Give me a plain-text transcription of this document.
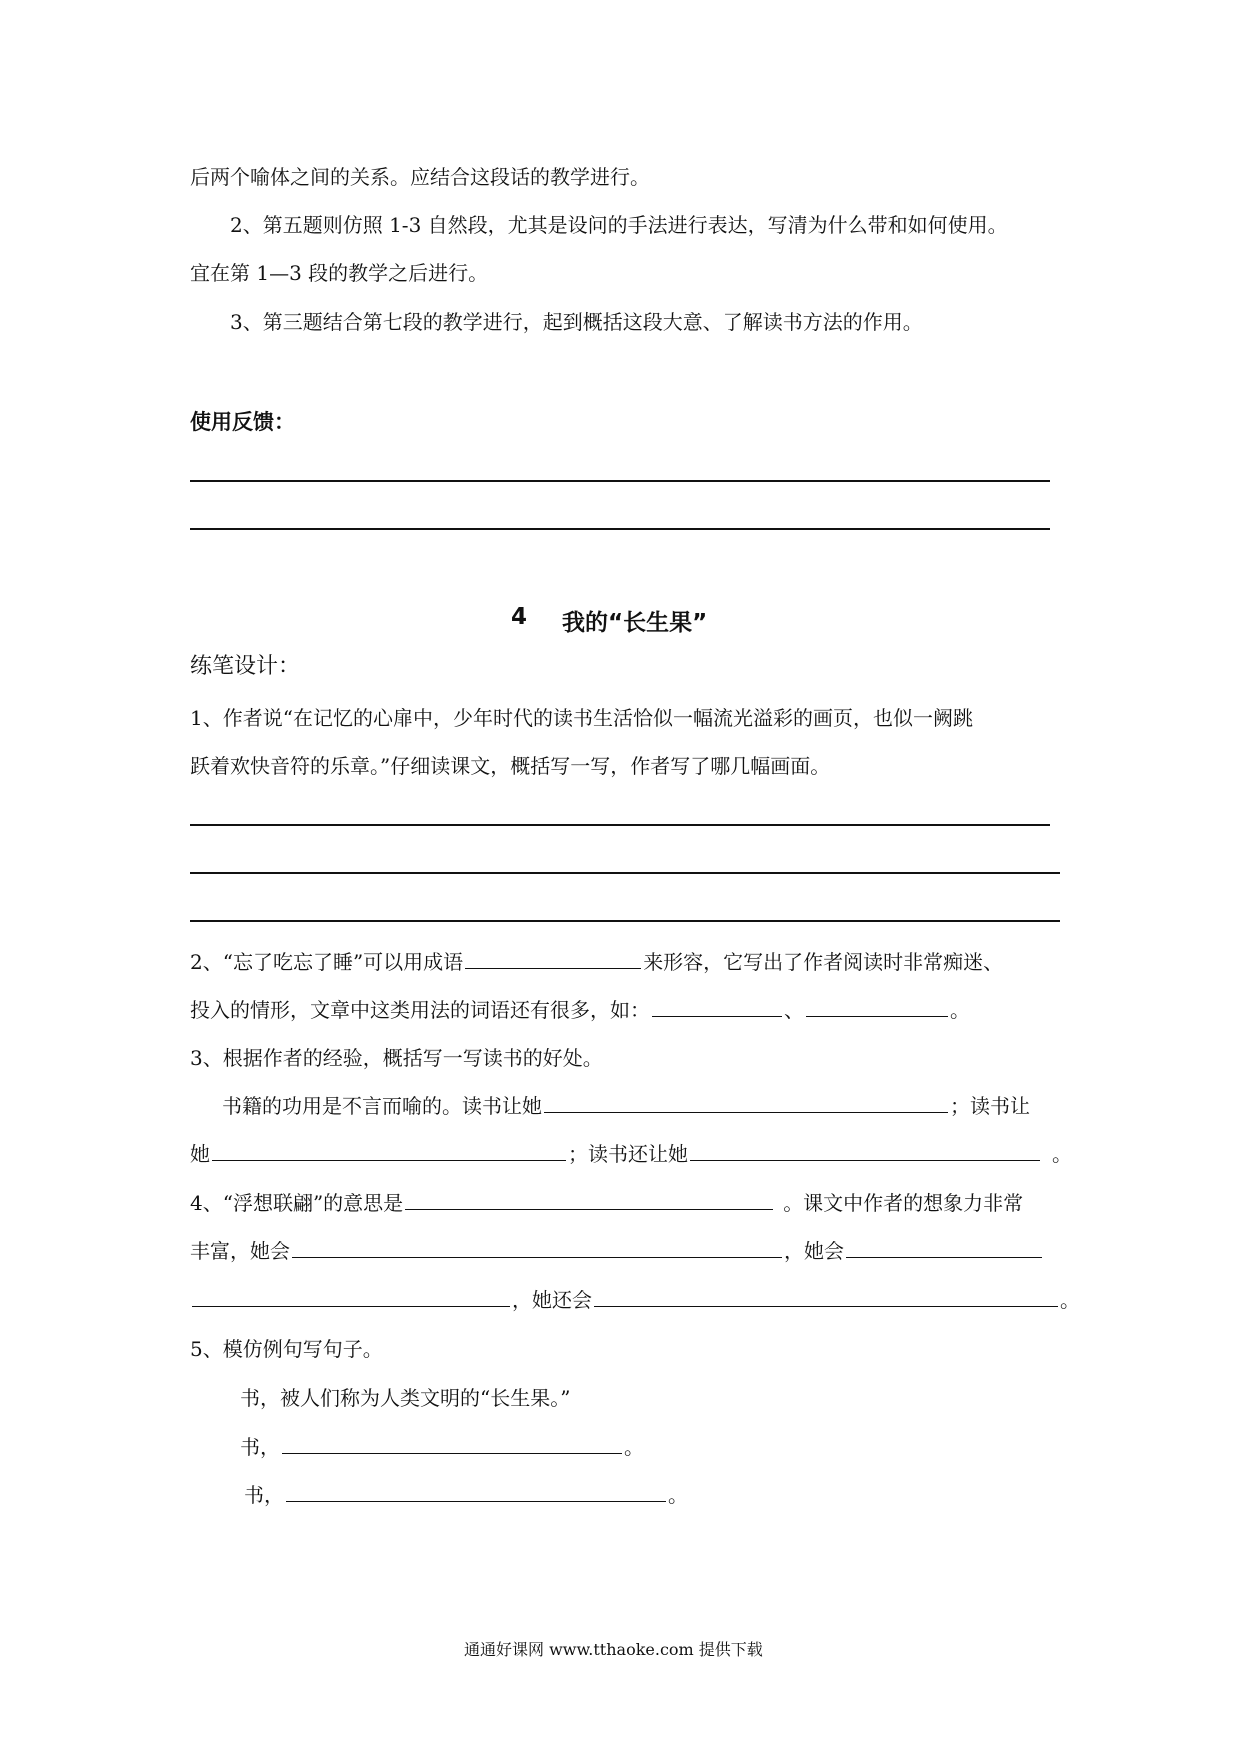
后两个喻体之间的关系。应结合这段话的教学进行。
2、第五题则仿照 1-3 自然段，尤其是设问的手法进行表达，写清为什么带和如何使用。
宜在第 1—3 段的教学之后进行。
3、第三题结合第七段的教学进行，起到概括这段大意、了解读书方法的作用。
使用反馈：
4 我的“长生果”
练笔设计：
1、作者说“在记忆的心扉中，少年时代的读书生活恰似一幅流光溢彩的画页，也似一阙跳
跃着欢快音符的乐章。”仔细读课文，概括写一写，作者写了哪几幅画面。
2、“忘了吃忘了睡”可以用成语	来形容，它写出了作者阅读时非常痴迷、
投入的情形，文章中这类用法的词语还有很多，如：	、	。
3、根据作者的经验，概括写一写读书的好处。
书籍的功用是不言而喻的。读书让她	；读书让
她	；读书还让她	。
4、“浮想联翩”的意思是	。课文中作者的想象力非常
丰富，她会	，她会
，她还会	。
5、模仿例句写句子。
书，被人们称为人类文明的“长生果。”
书，	。
书，	。
通通好课网 www.tthaoke.com 提供下载
